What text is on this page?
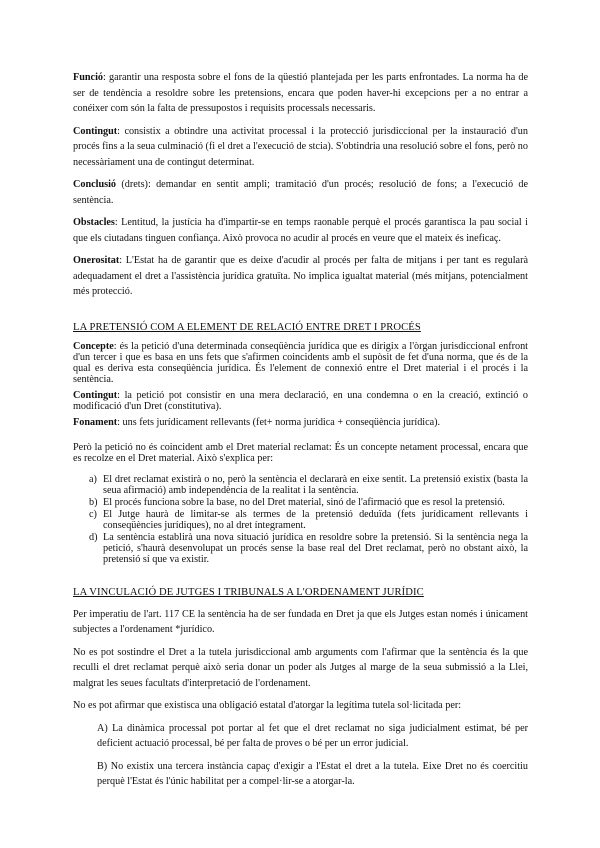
Funció: garantir una resposta sobre el fons de la qüestió plantejada per les parts enfrontades. La norma ha de ser de tendència a resoldre sobre les pretensions, encara que poden haver-hi excepcions per a no entrar a conéixer com són la falta de pressupostos i requisits processals necessaris.

Contingut: consistix a obtindre una activitat processal i la protecció jurisdiccional per la instauració d'un procés fins a la seua culminació (fi el dret a l'execució de stcia). S'obtindria una resolució sobre el fons, però no necessàriament una de contingut determinat.

Conclusió (drets): demandar en sentit ampli; tramitació d'un procés; resolució de fons; a l'execució de sentència.

Obstacles: Lentitud, la justícia ha d'impartir-se en temps raonable perquè el procés garantisca la pau social i que els ciutadans tinguen confiança. Això provoca no acudir al procés en veure que el mateix és ineficaç.

Onerositat: L'Estat ha de garantir que es deixe d'acudir al procés per falta de mitjans i per tant es regularà adequadament el dret a l'assistència jurídica gratuïta. No implica igualtat material (més mitjans, potencialment més protecció.

LA PRETENSIÓ COM A ELEMENT DE RELACIÓ ENTRE DRET I PROCÉS

Concepte: és la petició d'una determinada conseqüència jurídica que es dirigix a l'òrgan jurisdiccional enfront d'un tercer i que es basa en uns fets que s'afirmen coincidents amb el supòsit de fet d'una norma, que és de la qual es deriva esta conseqüència jurídica. És l'element de connexió entre el Dret material i el procés i la sentència.

Contingut: la petició pot consistir en una mera declaració, en una condemna o en la creació, extinció o modificació d'un Dret (constitutiva).

Fonament: uns fets jurídicament rellevants (fet+ norma jurídica + conseqüència jurídica).

Però la petició no és coincident amb el Dret material reclamat: És un concepte netament processal, encara que es recolze en el Dret material. Això s'explica per:

a) El dret reclamat existirà o no, però la sentència el declararà en eixe sentit. La pretensió existix (basta la seua afirmació) amb independència de la realitat i la sentència.
b) El procés funciona sobre la base, no del Dret material, sinó de l'afirmació que es resol la pretensió.
c) El Jutge haurà de limitar-se als termes de la pretensió deduïda (fets jurídicament rellevants i conseqüències jurídiques), no al dret íntegrament.
d) La sentència establirà una nova situació jurídica en resoldre sobre la pretensió. Si la sentència nega la petició, s'haurà desenvolupat un procés sense la base real del Dret reclamat, però no obstant això, la pretensió sí que va existir.
LA VINCULACIÓ DE JUTGES I TRIBUNALS A L'ORDENAMENT JURÍDIC

Per imperatiu de l'art. 117 CE la sentència ha de ser fundada en Dret ja que els Jutges estan només i únicament subjectes a l'ordenament *jurídico.

No es pot sostindre el Dret a la tutela jurisdiccional amb arguments com l'afirmar que la sentència és la que reculli el dret reclamat perquè això seria donar un poder als Jutges al marge de la seua submissió a la Llei, malgrat les seues facultats d'interpretació de l'ordenament.

No es pot afirmar que existisca una obligació estatal d'atorgar la legítima tutela sol·licitada per:

A) La dinàmica processal pot portar al fet que el dret reclamat no siga judicialment estimat, bé per deficient actuació processal, bé per falta de proves o bé per un error judicial.

B) No existix una tercera instància capaç d'exigir a l'Estat el dret a la tutela. Eixe Dret no és coercitiu perquè l'Estat és l'únic habilitat per a compel·lir-se a atorgar-la.
